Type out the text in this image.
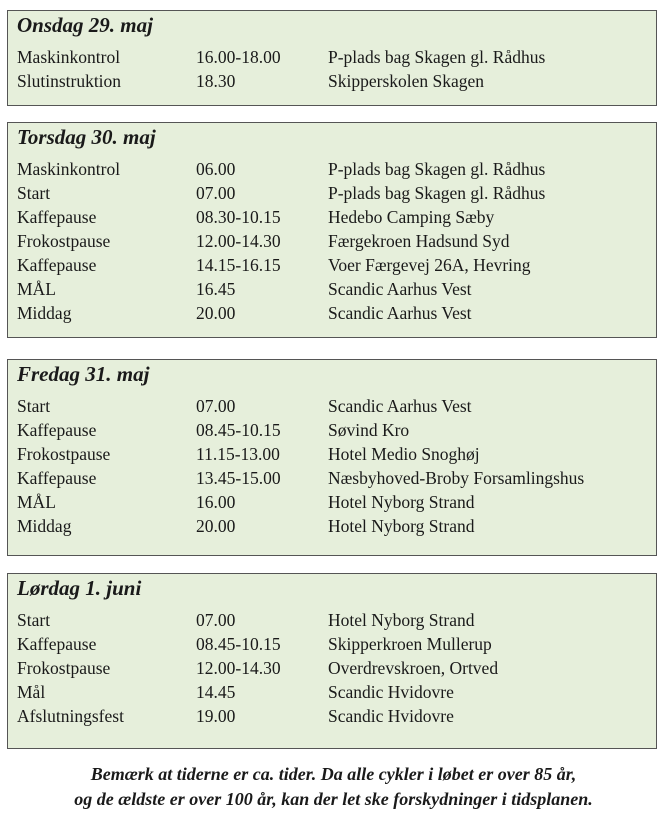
Onsdag 29. maj
Maskinkontrol	16.00-18.00	P-plads bag Skagen gl. Rådhus
Slutinstruktion	18.30	Skipperskolen Skagen
Torsdag 30. maj
Maskinkontrol	06.00	P-plads bag Skagen gl. Rådhus
Start	07.00	P-plads bag Skagen gl. Rådhus
Kaffepause	08.30-10.15	Hedebo Camping Sæby
Frokostpause	12.00-14.30	Færgekroen Hadsund Syd
Kaffepause	14.15-16.15	Voer Færgevej 26A, Hevring
MÅL	16.45	Scandic Aarhus Vest
Middag	20.00	Scandic Aarhus Vest
Fredag 31. maj
Start	07.00	Scandic Aarhus Vest
Kaffepause	08.45-10.15	Søvind Kro
Frokostpause	11.15-13.00	Hotel Medio Snoghøj
Kaffepause	13.45-15.00	Næsbyhoved-Broby Forsamlingshus
MÅL	16.00	Hotel Nyborg Strand
Middag	20.00	Hotel Nyborg Strand
Lørdag 1. juni
Start	07.00	Hotel Nyborg Strand
Kaffepause	08.45-10.15	Skipperkroen Mullerup
Frokostpause	12.00-14.30	Overdrevskroen, Ortved
Mål	14.45	Scandic Hvidovre
Afslutningsfest	19.00	Scandic Hvidovre
Bemærk at tiderne er ca. tider. Da alle cykler i løbet er over 85 år,
og de ældste er over 100 år, kan der let ske forskydninger i tidsplanen.
